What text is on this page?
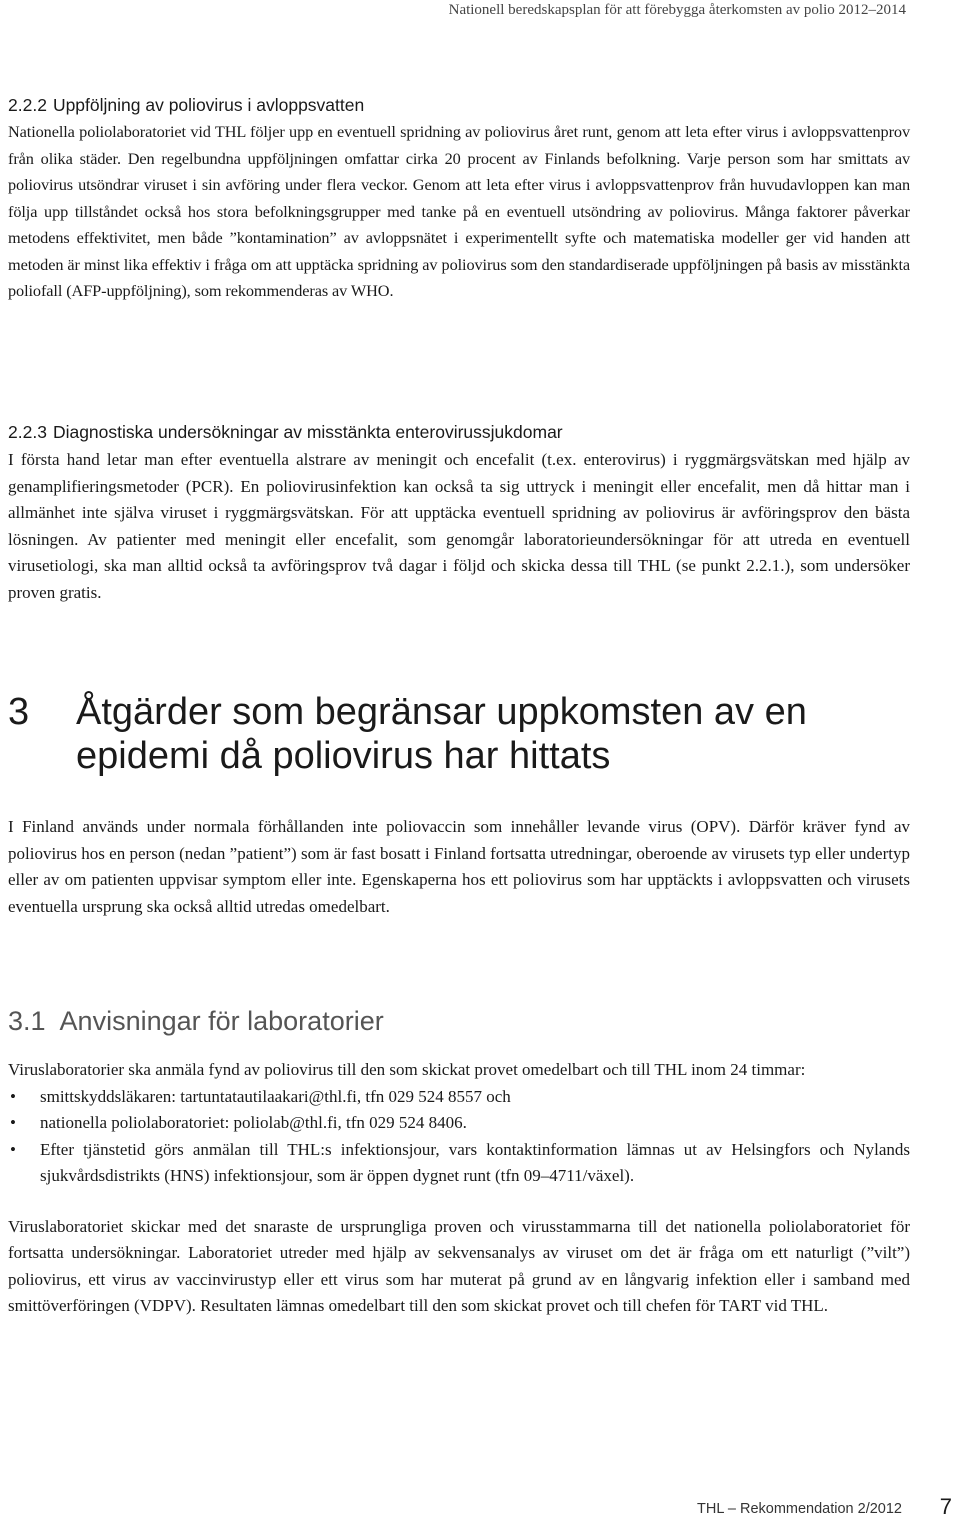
Nationell beredskapsplan för att förebygga återkomsten av polio 2012–2014
2.2.2 Uppföljning av poliovirus i avloppsvatten

Nationella poliolaboratoriet vid THL följer upp en eventuell spridning av poliovirus året runt, genom att leta efter virus i avloppsvattenprov från olika städer. Den regelbundna uppföljningen omfattar cirka 20 procent av Finlands befolkning. Varje person som har smittats av poliovirus utsöndrar viruset i sin avföring under flera veckor. Genom att leta efter virus i avloppsvattenprov från huvudavloppen kan man följa upp tillståndet också hos stora befolkningsgrupper med tanke på en eventuell utsöndring av poliovirus. Många faktorer påverkar metodens effektivitet, men både ”kontamination” av avloppsnätet i experimentellt syfte och matematiska modeller ger vid handen att metoden är minst lika effektiv i fråga om att upptäcka spridning av poliovirus som den standardiserade uppföljningen på basis av misstänkta poliofall (AFP-uppföljning), som rekommenderas av WHO.

2.2.3 Diagnostiska undersökningar av misstänkta enterovirussjukdomar

I första hand letar man efter eventuella alstrare av meningit och encefalit (t.ex. enterovirus) i ryggmärgsvätskan med hjälp av genamplifieringsmetoder (PCR). En poliovirusinfektion kan också ta sig uttryck i meningit eller encefalit, men då hittar man i allmänhet inte själva viruset i ryggmärgsvätskan. För att upptäcka eventuell spridning av poliovirus är avföringsprov den bästa lösningen. Av patienter med meningit eller encefalit, som genomgår laboratorieundersökningar för att utreda en eventuell virusetiologi, ska man alltid också ta avföringsprov två dagar i följd och skicka dessa till THL (se punkt 2.2.1.), som undersöker proven gratis.

3 Åtgärder som begränsar uppkomsten av en epidemi då poliovirus har hittats

I Finland används under normala förhållanden inte poliovaccin som innehåller levande virus (OPV). Därför kräver fynd av poliovirus hos en person (nedan ”patient”) som är fast bosatt i Finland fortsatta utredningar, oberoende av virusets typ eller undertyp eller av om patienten uppvisar symptom eller inte. Egenskaperna hos ett poliovirus som har upptäckts i avloppsvatten och virusets eventuella ursprung ska också alltid utredas omedelbart.

3.1 Anvisningar för laboratorier

Viruslaboratorier ska anmäla fynd av poliovirus till den som skickat provet omedelbart och till THL inom 24 timmar:

• smittskyddsläkaren: tartuntatautilaakari@thl.fi, tfn 029 524 8557 och
• nationella poliolaboratoriet: poliolab@thl.fi, tfn 029 524 8406.
• Efter tjänstetid görs anmälan till THL:s infektionsjour, vars kontaktinformation lämnas ut av Helsingfors och Nylands sjukvårdsdistrikts (HNS) infektionsjour, som är öppen dygnet runt (tfn 09–4711/växel).

Viruslaboratoriet skickar med det snaraste de ursprungliga proven och virusstammarna till det nationella poliolaboratoriet för fortsatta undersökningar. Laboratoriet utreder med hjälp av sekvensanalys av viruset om det är fråga om ett naturligt (”vilt”) poliovirus, ett virus av vaccinvirustyp eller ett virus som har muterat på grund av en långvarig infektion eller i samband med smittöverföringen (VDPV). Resultaten lämnas omedelbart till den som skickat provet och till chefen för TART vid THL.

THL – Rekommendation 2/2012 7
